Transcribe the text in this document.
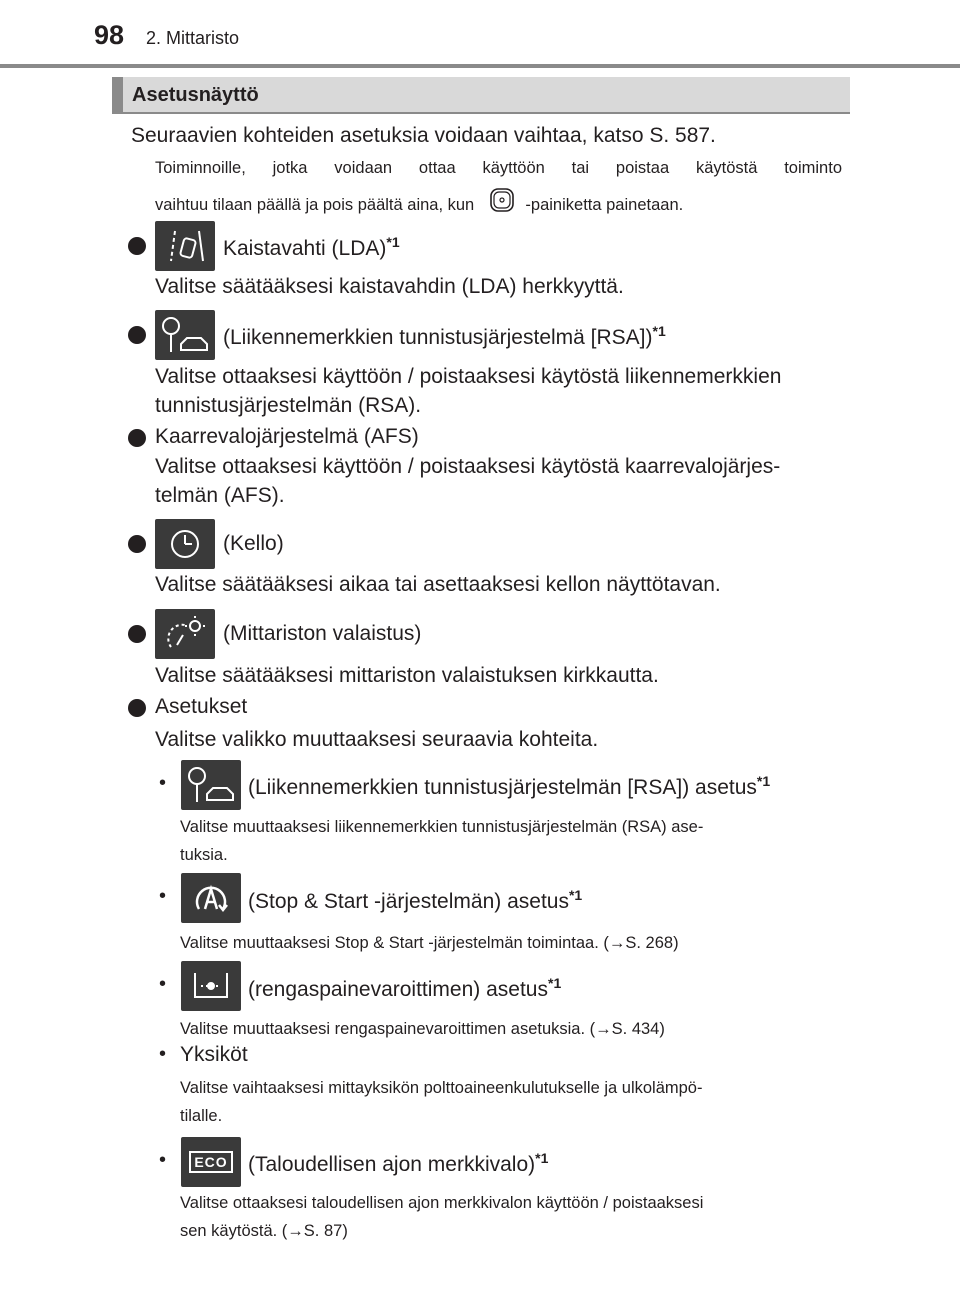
98 2. Mittaristo
Asetusnäyttö
Seuraavien kohteiden asetuksia voidaan vaihtaa, katso S. 587.
Toiminnoille, jotka voidaan ottaa käyttöön tai poistaa käytöstä toiminto
vaihtuu tilaan päällä ja pois päältä aina, kun	-painiketta painetaan.
Kaistavahti (LDA)$^{*1}$
Valitse säätääksesi kaistavahdin (LDA) herkkyyttä.
(Liikennemerkkien tunnistusjärjestelmä [RSA])$^{*1}$
Valitse ottaaksesi käyttöön / poistaaksesi käytöstä liikennemerkkien
tunnistusjärjestelmän (RSA).
Kaarrevalojärjestelmä (AFS)
Valitse ottaaksesi käyttöön / poistaaksesi käytöstä kaarrevalojärjes-
telmän (AFS).
(Kello)
Valitse säätääksesi aikaa tai asettaaksesi kellon näyttötavan.
(Mittariston valaistus)
Valitse säätääksesi mittariston valaistuksen kirkkautta.
Asetukset
Valitse valikko muuttaaksesi seuraavia kohteita.
•	(Liikennemerkkien tunnistusjärjestelmän [RSA]) asetus$^{*1}$
Valitse muuttaaksesi liikennemerkkien tunnistusjärjestelmän (RSA) ase-
tuksia.
•	(Stop & Start -järjestelmän) asetus$^{*1}$
Valitse muuttaaksesi Stop & Start -järjestelmän toimintaa. (→S. 268)
•	(rengaspainevaroittimen) asetus$^{*1}$
Valitse muuttaaksesi rengaspainevaroittimen asetuksia. (→S. 434)
• Yksiköt
Valitse vaihtaaksesi mittayksikön polttoaineenkulutukselle ja ulkolämpö-
tilalle.
•	ECO (Taloudellisen ajon merkkivalo)$^{*1}$
Valitse ottaaksesi taloudellisen ajon merkkivalon käyttöön / poistaaksesi
sen käytöstä. (→S. 87)
